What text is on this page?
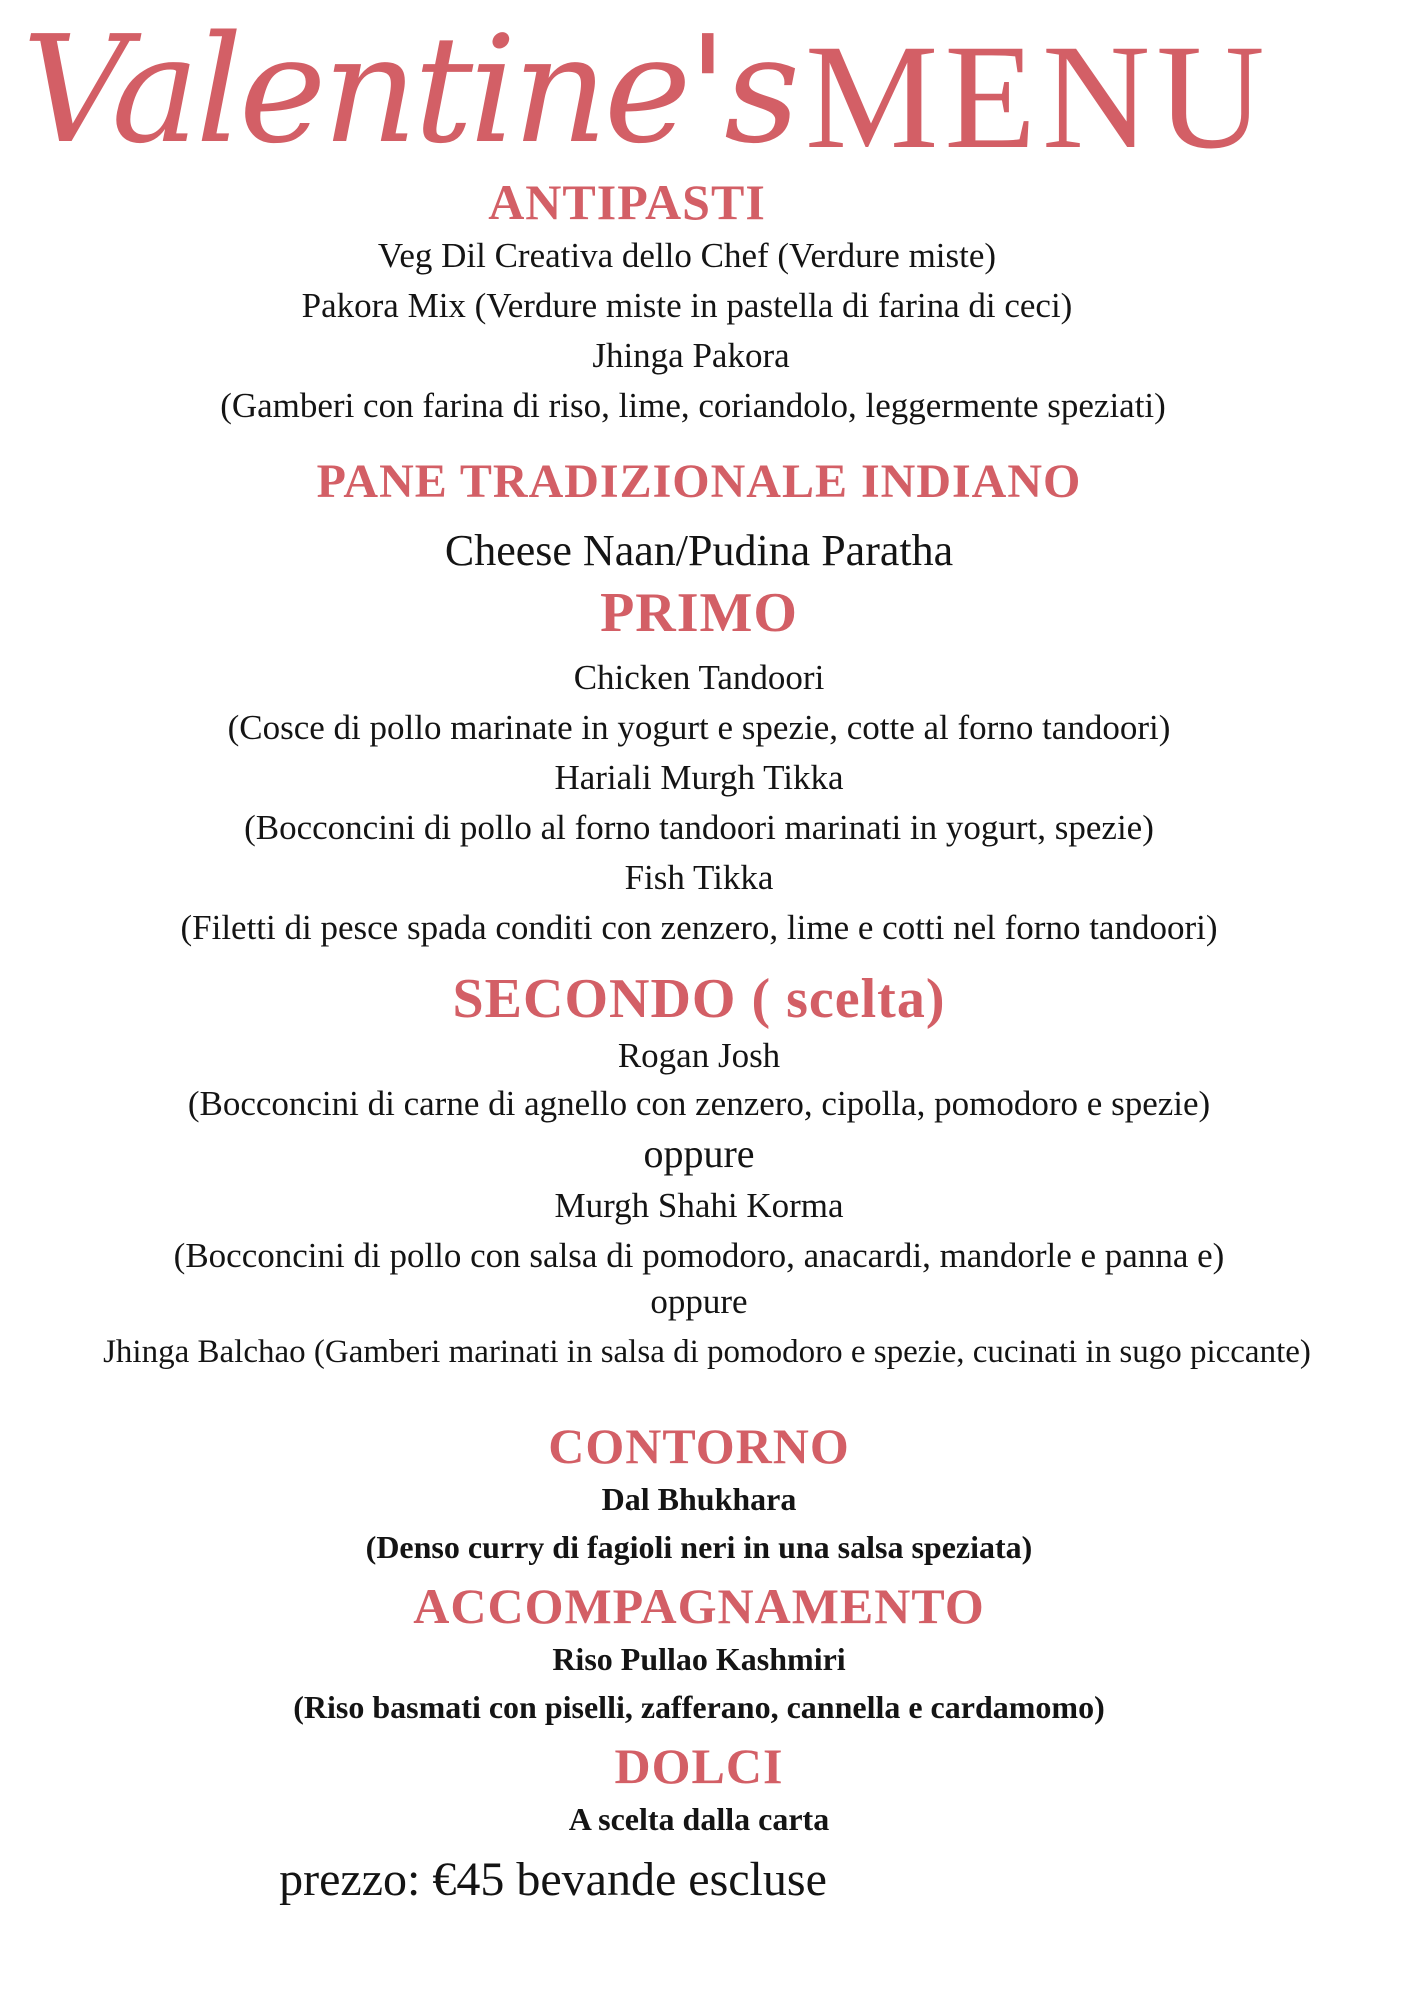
Valentine's MENU
ANTIPASTI
Veg Dil Creativa dello Chef (Verdure miste)
Pakora Mix (Verdure miste in pastella di farina di ceci)
Jhinga Pakora
(Gamberi con farina di riso, lime, coriandolo, leggermente speziati)
PANE TRADIZIONALE INDIANO
Cheese Naan/Pudina Paratha
PRIMO
Chicken Tandoori
(Cosce di pollo marinate in yogurt e spezie, cotte al forno tandoori)
Hariali Murgh Tikka
(Bocconcini di pollo al forno tandoori marinati in yogurt, spezie)
Fish Tikka
(Filetti di pesce spada conditi con zenzero, lime e cotti nel forno tandoori)
SECONDO ( scelta)
Rogan Josh
(Bocconcini di carne di agnello con zenzero, cipolla, pomodoro e spezie)
oppure
Murgh Shahi Korma
(Bocconcini di pollo con salsa di pomodoro, anacardi, mandorle e panna e)
oppure
Jhinga Balchao (Gamberi marinati in salsa di pomodoro e spezie, cucinati in sugo piccante)
CONTORNO
Dal Bhukhara
(Denso curry di fagioli neri in una salsa speziata)
ACCOMPAGNAMENTO
Riso Pullao Kashmiri
(Riso basmati con piselli, zafferano, cannella e cardamomo)
DOLCI
A scelta dalla carta
prezzo: €45 bevande escluse
